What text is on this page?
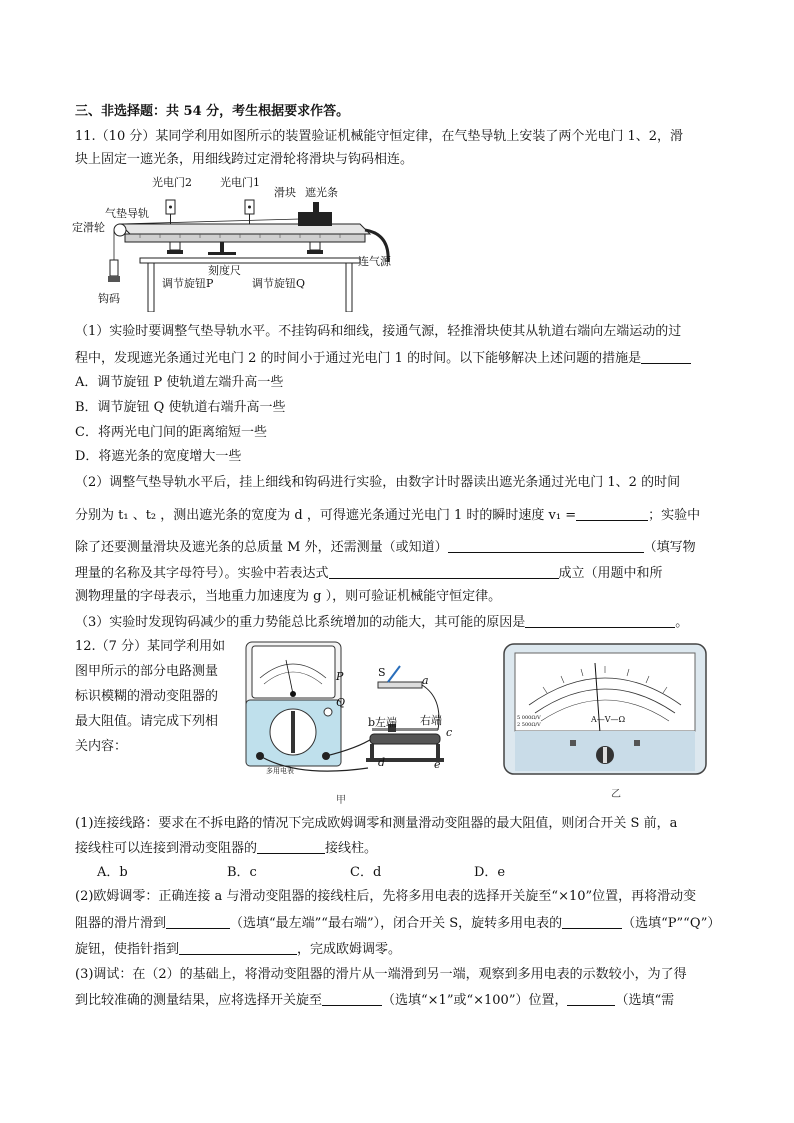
三、非选择题：共 54 分，考生根据要求作答。
11.（10 分）某同学利用如图所示的装置验证机械能守恒定律，在气垫导轨上安装了两个光电门 1、2，滑
块上固定一遮光条，用细线跨过定滑轮将滑块与钩码相连。
光电门2	光电门1
滑块 遮光条
气垫导轨
定滑轮
连气源
刻度尺
调节旋钮P	调节旋钮Q
钩码
（1）实验时要调整气垫导轨水平。不挂钩码和细线，接通气源，轻推滑块使其从轨道右端向左端运动的过
程中，发现遮光条通过光电门 2 的时间小于通过光电门 1 的时间。以下能够解决上述问题的措施是
A．调节旋钮 P 使轨道左端升高一些
B．调节旋钮 Q 使轨道右端升高一些
C．将两光电门间的距离缩短一些
D．将遮光条的宽度增大一些
（2）调整气垫导轨水平后，挂上细线和钩码进行实验，由数字计时器读出遮光条通过光电门 1、2 的时间
分别为 t₁ 、t₂ ，测出遮光条的宽度为 d ，可得遮光条通过光电门 1 时的瞬时速度 v₁ =	；实验中
除了还要测量滑块及遮光条的总质量 M 外，还需测量（或知道）	（填写物
理量的名称及其字母符号）。实验中若表达式	成立（用题中和所
测物理量的字母表示，当地重力加速度为 g ），则可验证机械能守恒定律。
（3）实验时发现钩码减少的重力势能总比系统增加的动能大，其可能的原因是	。
12.（7 分）某同学利用如
图甲所示的部分电路测量
标识模糊的滑动变阻器的
最大阻值。请完成下列相
关内容：
P
Q
S
a
b左端 右端
c
d	e
多用电表
甲
A—V—Ω
5 000Ω/V
2 500Ω/V
乙
(1)连接线路：要求在不拆电路的情况下完成欧姆调零和测量滑动变阻器的最大阻值，则闭合开关 S 前，a
接线柱可以连接到滑动变阻器的	接线柱。
A．b	B．c	C．d	D．e
(2)欧姆调零：正确连接 a 与滑动变阻器的接线柱后，先将多用电表的选择开关旋至“×10”位置，再将滑动变
阻器的滑片滑到	（选填“最左端”“最右端”），闭合开关 S，旋转多用电表的	（选填“P”“Q”）
旋钮，使指针指到	，完成欧姆调零。
(3)调试：在（2）的基础上，将滑动变阻器的滑片从一端滑到另一端，观察到多用电表的示数较小，为了得
到比较准确的测量结果，应将选择开关旋至	（选填“×1”或“×100”）位置，	（选填“需
